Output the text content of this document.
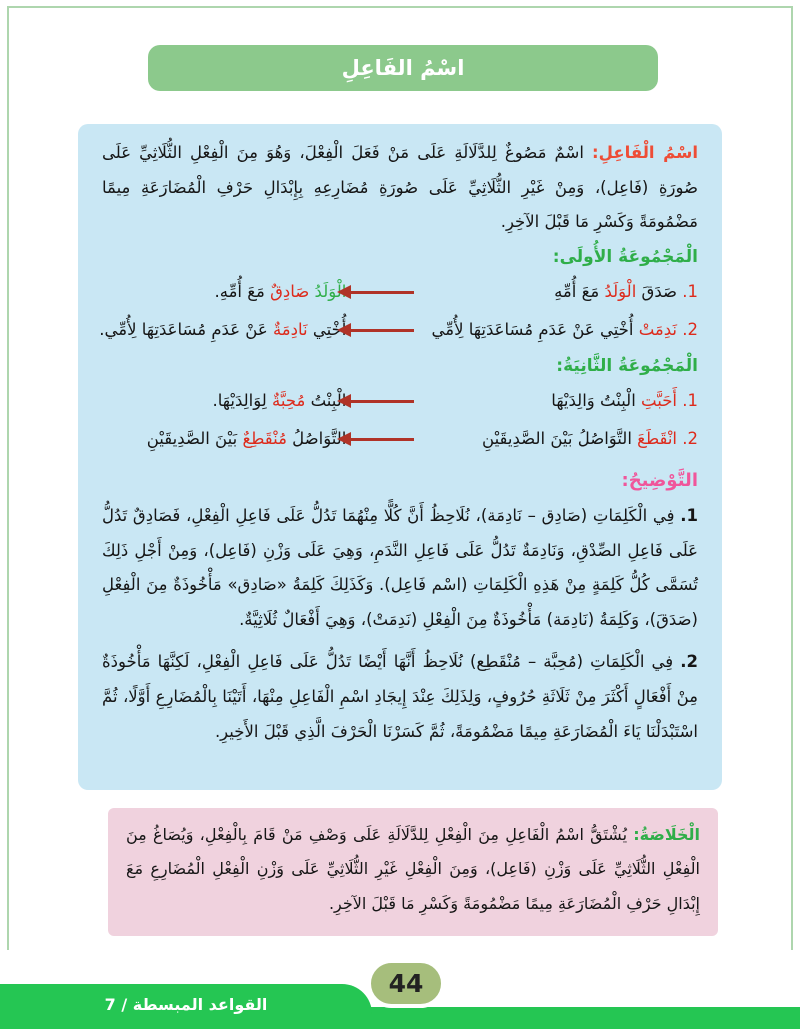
اسْمُ الفَاعِلِ

اسْمُ الْفَاعِلِ: اسْمٌ مَصُوغٌ لِلدَّلَالَةِ عَلَى مَنْ فَعَلَ الْفِعْلَ، وَهُوَ مِنَ الْفِعْلِ الثُّلَاثِيِّ عَلَى صُورَةِ (فَاعِل)، وَمِنْ غَيْرِ الثُّلَاثِيِّ عَلَى صُورَةِ مُضَارِعِهِ بِإِبْدَالِ حَرْفِ الْمُضَارَعَةِ مِيمًا مَضْمُومَةً وَكَسْرِ مَا قَبْلَ الآخِرِ.

الْمَجْمُوعَةُ الأُولَى:
1. صَدَقَ الْوَلَدُ مَعَ أُمِّهِ
الْوَلَدُ صَادِقٌ مَعَ أُمِّهِ.
2. نَدِمَتْ أُخْتِي عَنْ عَدَمِ مُسَاعَدَتِهَا لِأُمِّي
أُخْتِي نَادِمَةٌ عَنْ عَدَمِ مُسَاعَدَتِهَا لِأُمِّي.
الْمَجْمُوعَةُ الثَّانِيَةُ:
1. أَحَبَّتِ الْبِنْتُ وَالِدَيْهَا
الْبِنْتُ مُحِبَّةٌ لِوَالِدَيْهَا.
2. انْقَطَعَ التَّوَاصُلُ بَيْنَ الصَّدِيقَيْنِ
التَّوَاصُلُ مُنْقَطِعٌ بَيْنَ الصَّدِيقَيْنِ
التَّوْضِيحُ:

1. فِي الْكَلِمَاتِ (صَادِق – نَادِمَة)، نُلَاحِظُ أَنَّ كُلًّا مِنْهُمَا تَدُلُّ عَلَى فَاعِلِ الْفِعْلِ، فَصَادِقٌ تَدُلُّ عَلَى فَاعِلِ الصِّدْقِ، وَنَادِمَةٌ تَدُلُّ عَلَى فَاعِلِ النَّدَمِ، وَهِيَ عَلَى وَزْنِ (فَاعِل)، وَمِنْ أَجْلِ ذَلِكَ تُسَمَّى كُلُّ كَلِمَةٍ مِنْ هَذِهِ الْكَلِمَاتِ (اسْم فَاعِل). وَكَذَلِكَ كَلِمَةُ «صَادِق» مَأْخُوذَةٌ مِنَ الْفِعْلِ (صَدَقَ)، وَكَلِمَةُ (نَادِمَة) مَأْخُوذَةٌ مِنَ الْفِعْلِ (نَدِمَتْ)، وَهِيَ أَفْعَالٌ ثُلَاثِيَّةٌ.

2. فِي الْكَلِمَاتِ (مُحِبَّة – مُنْقَطِع) نُلَاحِظُ أَنَّهَا أَيْضًا تَدُلُّ عَلَى فَاعِلِ الْفِعْلِ، لَكِنَّهَا مَأْخُوذَةٌ مِنْ أَفْعَالٍ أَكْثَرَ مِنْ ثَلَاثَةِ حُرُوفٍ، وَلِذَلِكَ عِنْدَ إِيجَادِ اسْمِ الْفَاعِلِ مِنْهَا، أَتَيْنَا بِالْمُضَارِعِ أَوَّلًا، ثُمَّ اسْتَبْدَلْنَا يَاءَ الْمُضَارَعَةِ مِيمًا مَضْمُومَةً، ثُمَّ كَسَرْنَا الْحَرْفَ الَّذِي قَبْلَ الأَخِيرِ.

الْخَلَاصَةُ: يُشْتَقُّ اسْمُ الْفَاعِلِ مِنَ الْفِعْلِ لِلدَّلَالَةِ عَلَى وَصْفِ مَنْ قَامَ بِالْفِعْلِ، وَيُصَاغُ مِنَ الْفِعْلِ الثُّلَاثِيِّ عَلَى وَزْنِ (فَاعِل)، وَمِنَ الْفِعْلِ غَيْرِ الثُّلَاثِيِّ عَلَى وَزْنِ الْفِعْلِ الْمُضَارِعِ مَعَ إِبْدَالِ حَرْفِ الْمُضَارَعَةِ مِيمًا مَضْمُومَةً وَكَسْرِ مَا قَبْلَ الآخِرِ.
القواعد المبسطة / 7
44
